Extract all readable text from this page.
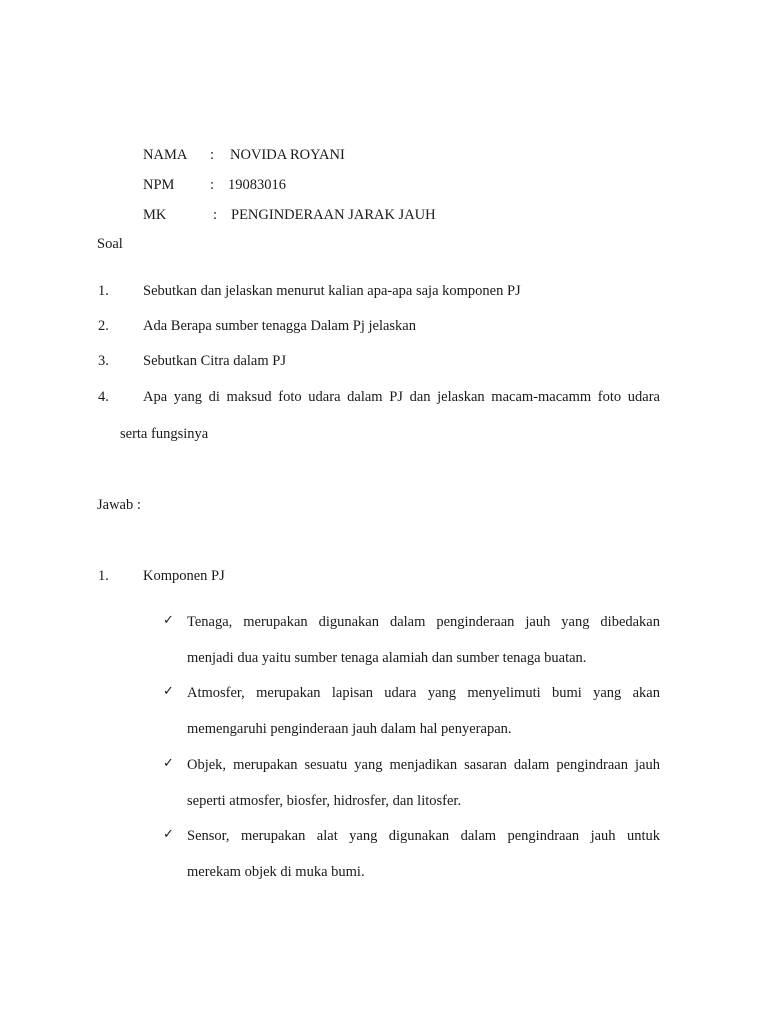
NAMA : NOVIDA ROYANI
NPM : 19083016
MK	: PENGINDERAAN JARAK JAUH
Soal
1. Sebutkan dan jelaskan menurut kalian apa-apa saja komponen PJ
2. Ada Berapa sumber tenagga Dalam Pj jelaskan
3. Sebutkan Citra dalam PJ
4. Apa yang di maksud foto udara dalam PJ dan jelaskan macam-macamm foto udara
serta fungsinya
Jawab :
1. Komponen PJ
✓ Tenaga, merupakan digunakan dalam penginderaan jauh yang dibedakan
menjadi dua yaitu sumber tenaga alamiah dan sumber tenaga buatan.
✓ Atmosfer, merupakan lapisan udara yang menyelimuti bumi yang akan
memengaruhi penginderaan jauh dalam hal penyerapan.
✓ Objek, merupakan sesuatu yang menjadikan sasaran dalam pengindraan jauh
seperti atmosfer, biosfer, hidrosfer, dan litosfer.
✓ Sensor, merupakan alat yang digunakan dalam pengindraan jauh untuk
merekam objek di muka bumi.
